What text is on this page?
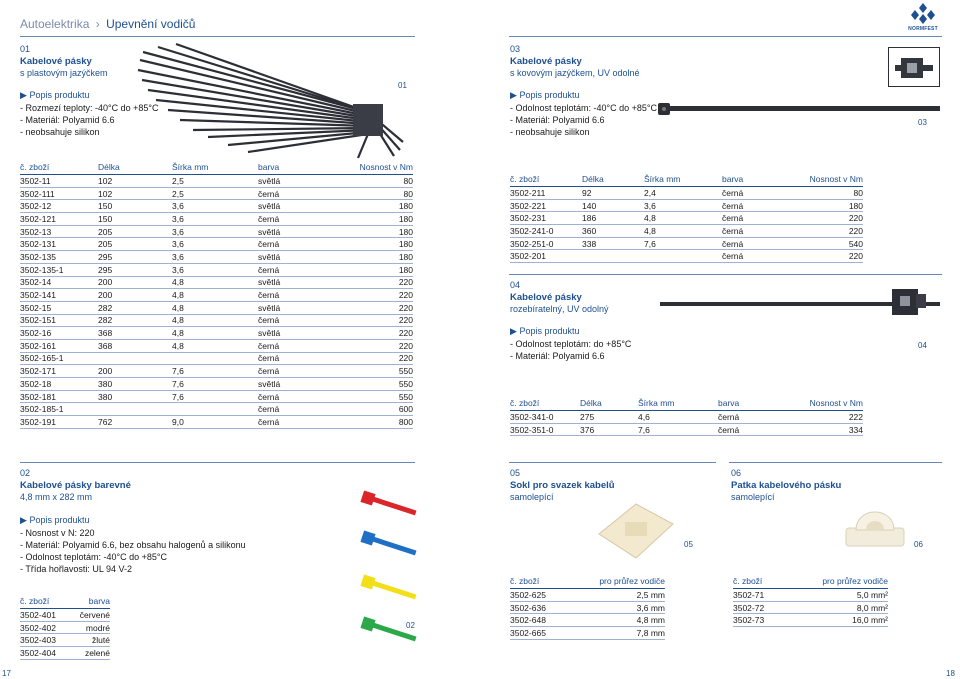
Autoelektrika › Upevnění vodičů	NORMFEST
01
Kabelové pásky
s plastovým jazýčkem
▶ Popis produktu
- Rozmezí teploty: -40°C do +85°C
- Materiál: Polyamid 6.6
- neobsahuje silikon
01
č. zboží	Délka	Šírka mm	barva	Nosnost v Nm
3502-11	102	2,5	světlá	80
3502-111	102	2,5	černá	80
3502-12	150	3,6	světlá	180
3502-121	150	3,6	černá	180
3502-13	205	3,6	světlá	180
3502-131	205	3,6	černá	180
3502-135	295	3,6	světlá	180
3502-135-1	295	3,6	černá	180
3502-14	200	4,8	světlá	220
3502-141	200	4,8	černá	220
3502-15	282	4,8	světlá	220
3502-151	282	4,8	černá	220
3502-16	368	4,8	světlá	220
3502-161	368	4,8	černá	220
3502-165-1			černá	220
3502-171	200	7,6	černá	550
3502-18	380	7,6	světlá	550
3502-181	380	7,6	černá	550
3502-185-1			černá	600
3502-191	762	9,0	černá	800
03
Kabelové pásky
s kovovým jazýčkem, UV odolné
▶ Popis produktu
- Odolnost teplotám: -40°C do +85°C
- Materiál: Polyamid 6.6
- neobsahuje silikon
03
č. zboží	Délka	Šírka mm	barva	Nosnost v Nm
3502-211	92	2,4	černá	80
3502-221	140	3,6	černá	180
3502-231	186	4,8	černá	220
3502-241-0	360	4,8	černá	220
3502-251-0	338	7,6	černá	540
3502-201			černá	220
04
Kabelové pásky
rozebíratelný, UV odolný
▶ Popis produktu
- Odolnost teplotám: do +85°C
- Materiál: Polyamid 6.6
04
č. zboží	Délka	Šírka mm	barva	Nosnost v Nm
3502-341-0	275	4,6	černá	222
3502-351-0	376	7,6	černá	334
02
Kabelové pásky barevné
4,8 mm x 282 mm
▶ Popis produktu
- Nosnost v N: 220
- Materiál: Polyamid 6.6, bez obsahu halogenů a silikonu
- Odolnost teplotám: -40°C do +85°C
- Třída hořlavosti: UL 94 V-2
02
č. zboží	barva
3502-401	červené
3502-402	modré
3502-403	žluté
3502-404	zelené
05
Sokl pro svazek kabelů
samolepící
05
č. zboží	pro průřez vodiče
3502-625	2,5 mm
3502-636	3,6 mm
3502-648	4,8 mm
3502-665	7,8 mm
06
Patka kabelového pásku
samolepící
06
č. zboží	pro průřez vodiče
3502-71	5,0 mm²
3502-72	8,0 mm²
3502-73	16,0 mm²
17	18
